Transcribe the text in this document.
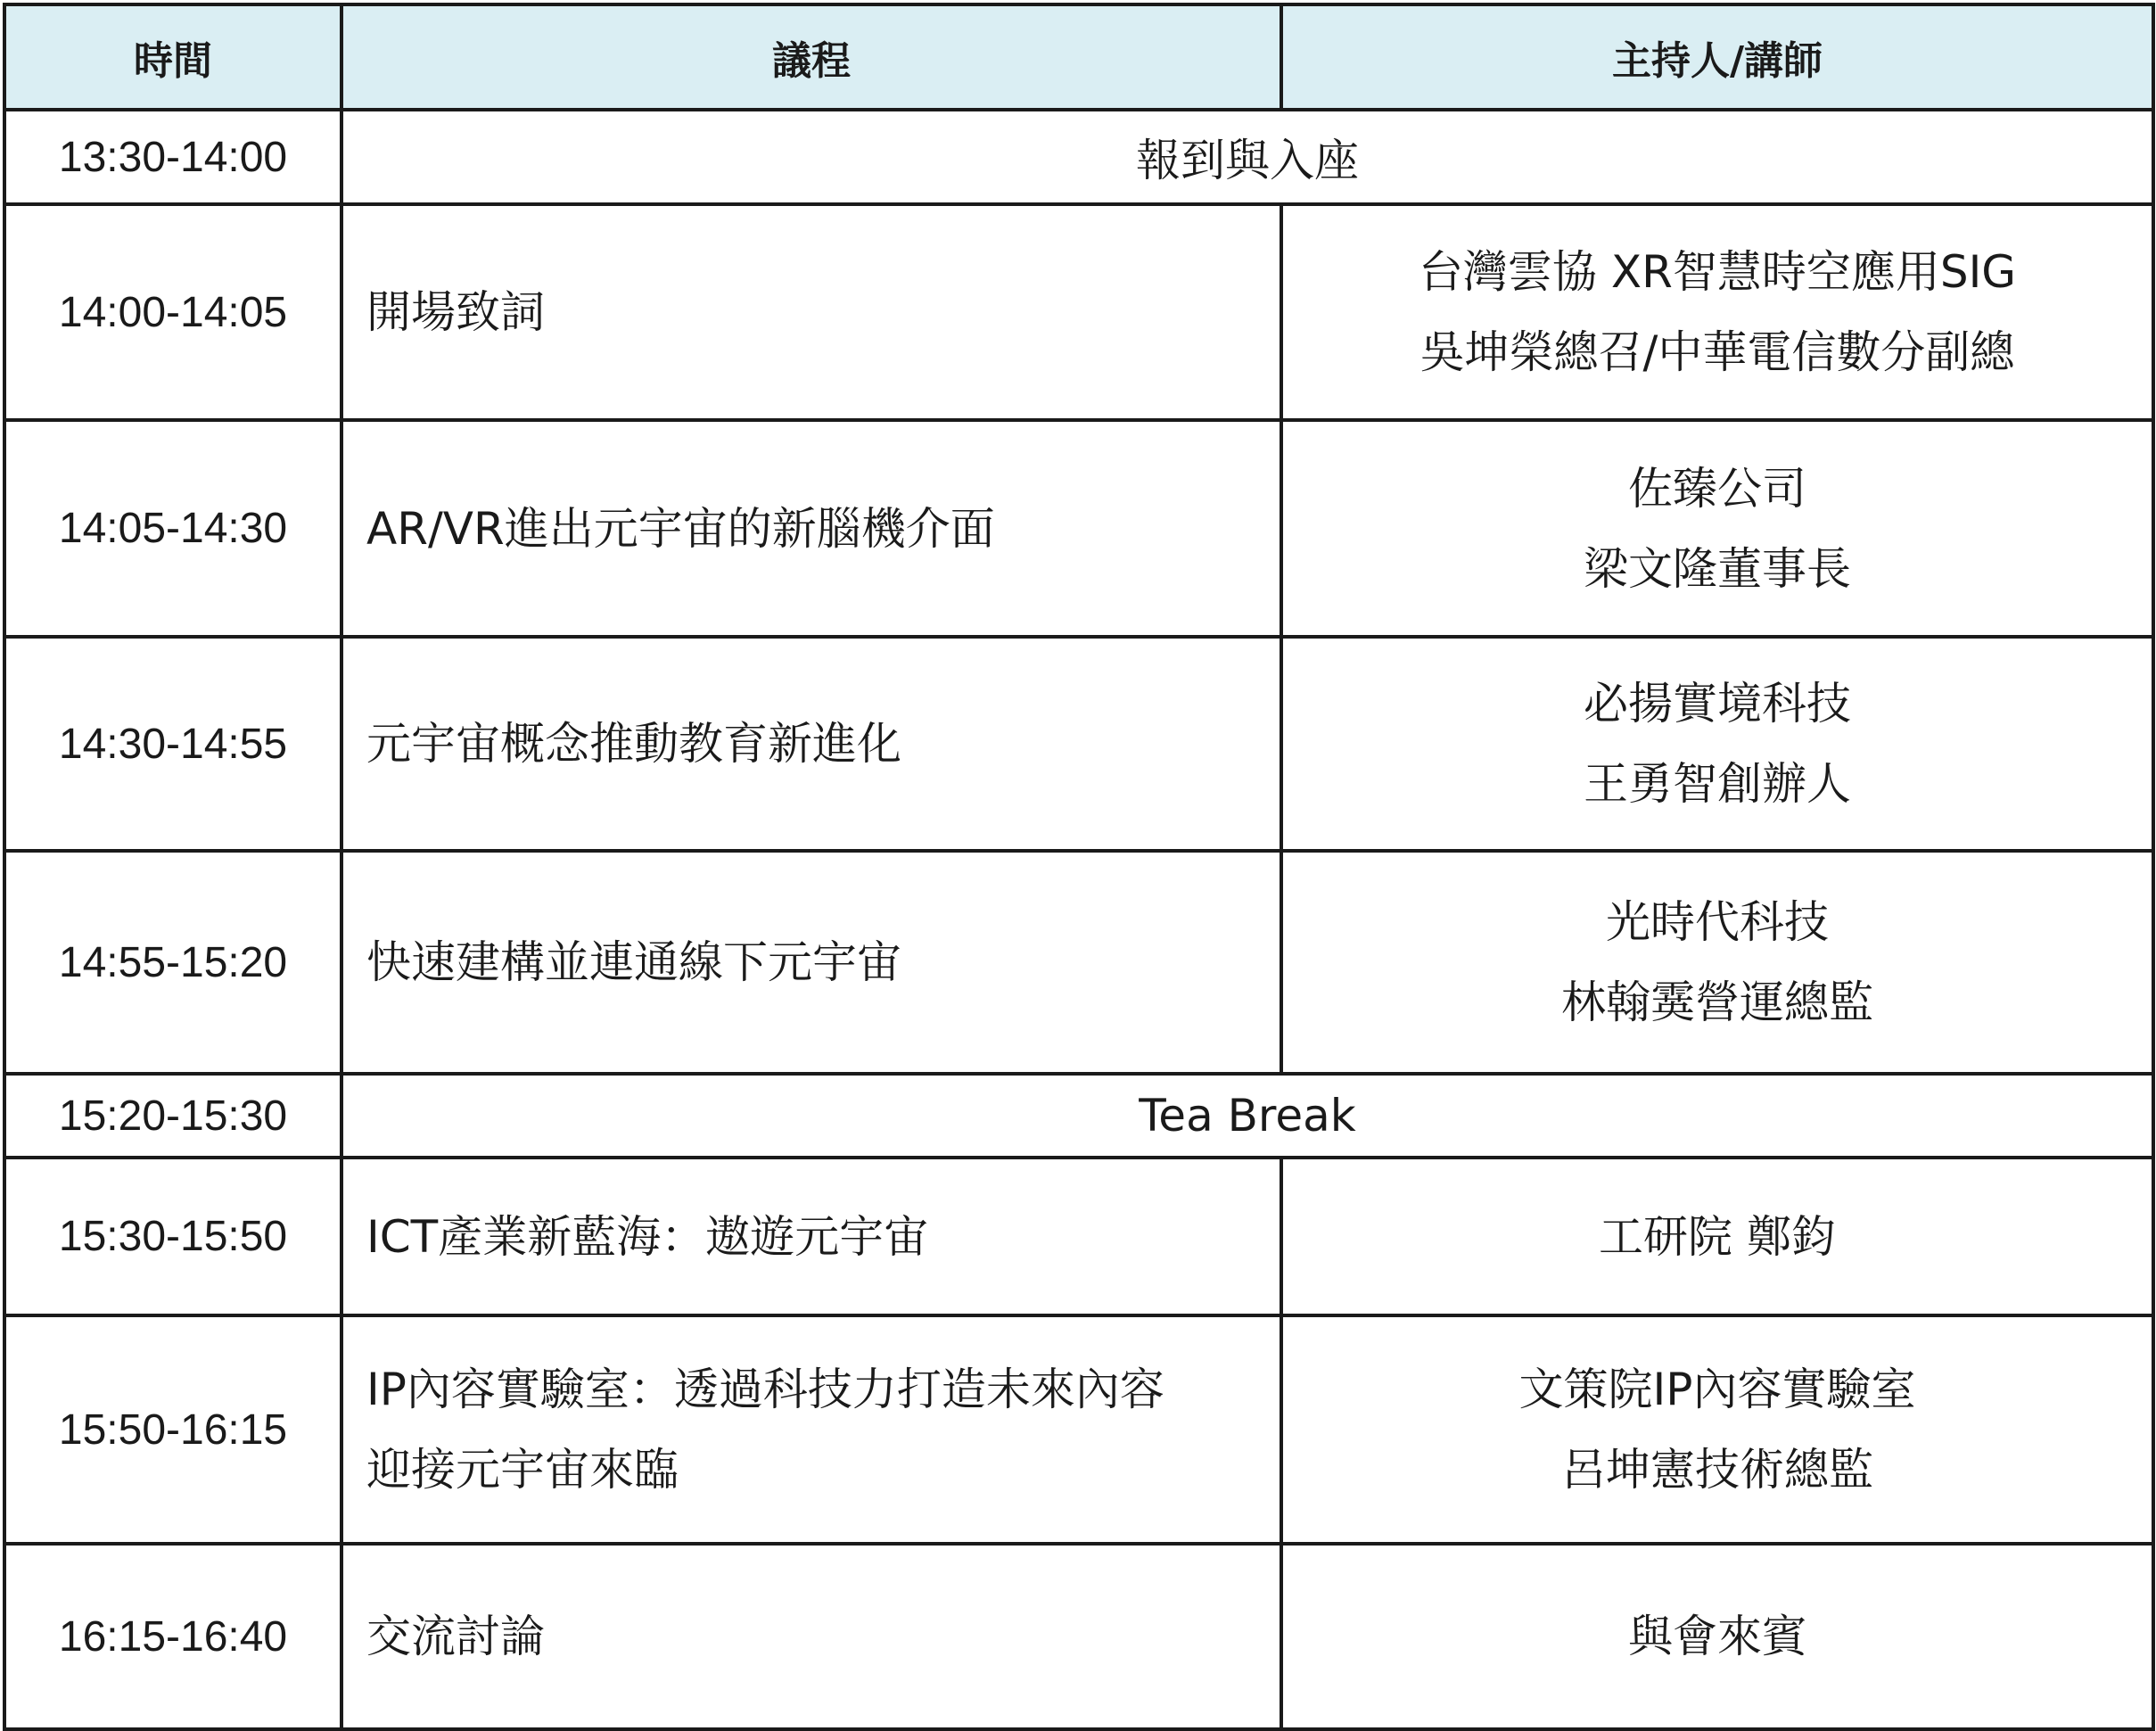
時間	議程	主持人/講師
13:30-14:00	報到與入座	
14:00-14:05	開場致詞	台灣雲協 XR智慧時空應用SIG
吳坤榮總召/中華電信數分副總

14:05-14:30	AR/VR進出元宇宙的新腦機介面	佐臻公司
梁文隆董事長

14:30-14:55	元宇宙概念推動教育新進化	必揚實境科技
王勇智創辦人

14:55-15:20	快速建構並連通線下元宇宙	光時代科技
林翰霙營運總監

15:20-15:30	Tea Break	
15:30-15:50	ICT產業新藍海：遨遊元宇宙	工研院 鄭鈞

15:50-16:15	IP內容實驗室：透過科技力打造未來內容
迎接元宇宙來臨	文策院IP內容實驗室
呂坤憲技術總監

16:15-16:40	交流討論	與會來賓
